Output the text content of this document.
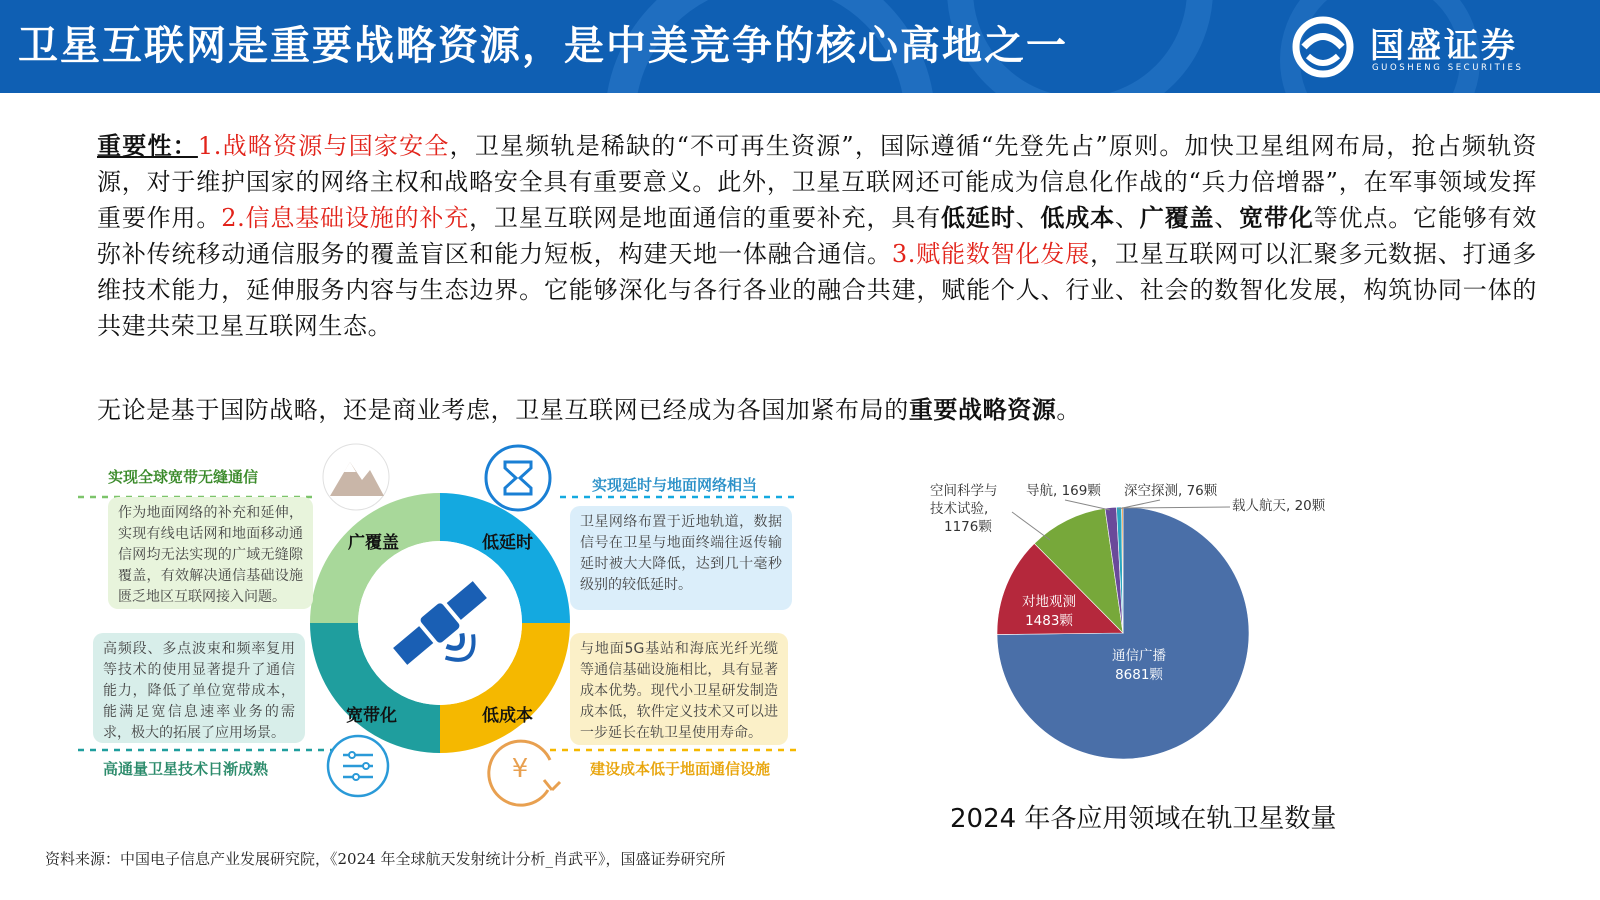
卫星互联网是重要战略资源，是中美竞争的核心高地之一	国盛证券
GUOSHENG SECURITIES
重要性：1.战略资源与国家安全，卫星频轨是稀缺的“不可再生资源”，国际遵循“先登先占”原则。加快卫星组网布局，抢占频轨资源，对于维护国家的网络主权和战略安全具有重要意义。此外，卫星互联网还可能成为信息化作战的“兵力倍增器”，在军事领域发挥重要作用。2.信息基础设施的补充，卫星互联网是地面通信的重要补充，具有低延时、低成本、广覆盖、宽带化等优点。它能够有效弥补传统移动通信服务的覆盖盲区和能力短板，构建天地一体融合通信。3.赋能数智化发展，卫星互联网可以汇聚多元数据、打通多维技术能力，延伸服务内容与生态边界。它能够深化与各行各业的融合共建，赋能个人、行业、社会的数智化发展，构筑协同一体的共建共荣卫星互联网生态。
无论是基于国防战略，还是商业考虑，卫星互联网已经成为各国加紧布局的重要战略资源。
¥
实现全球宽带无缝通信
作为地面网络的补充和延伸，实现有线电话网和地面移动通信网均无法实现的广域无缝隙覆盖，有效解决通信基础设施匮乏地区互联网接入问题。
实现延时与地面网络相当
卫星网络布置于近地轨道，数据信号在卫星与地面终端往返传输延时被大大降低，达到几十毫秒级别的较低延时。
高频段、多点波束和频率复用等技术的使用显著提升了通信能力，降低了单位宽带成本，能满足宽信息速率业务的需求，极大的拓展了应用场景。
高通量卫星技术日渐成熟
与地面5G基站和海底光纤光缆等通信基础设施相比，具有显著成本优势。现代小卫星研发制造成本低，软件定义技术又可以进一步延长在轨卫星使用寿命。
建设成本低于地面通信设施
广覆盖	低延时
宽带化	低成本
空间科学与
技术试验,
1176颗
导航, 169颗 深空探测, 76颗
载人航天, 20颗
对地观测
1483颗
通信广播
8681颗
2024 年各应用领域在轨卫星数量
资料来源：中国电子信息产业发展研究院，《2024 年全球航天发射统计分析_肖武平》，国盛证券研究所
